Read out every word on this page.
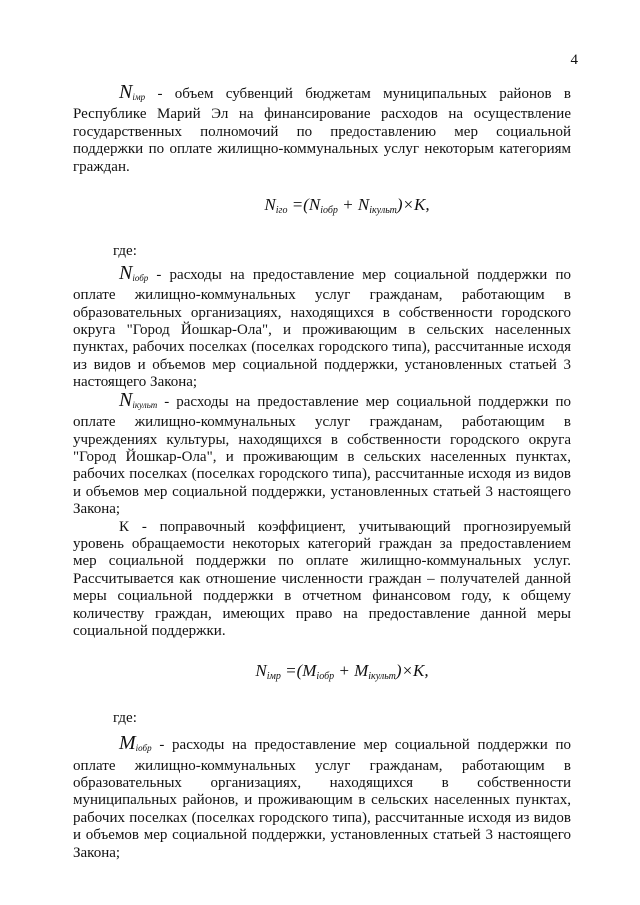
4

$N_{імр}$ - объем субвенций бюджетам муниципальных районов в Республике Марий Эл на финансирование расходов на осуществление государственных полномочий по предоставлению мер социальной поддержки по оплате жилищно-коммунальных услуг некоторым категориям граждан.

$N_{ігo} =(N_{iобр} + N_{iкульт})\times K$,

где:

$N_{iобр}$ - расходы на предоставление мер социальной поддержки по оплате жилищно-коммунальных услуг гражданам, работающим в образовательных организациях, находящихся в собственности городского округа "Город Йошкар-Ола", и проживающим в сельских населенных пунктах, рабочих поселках (поселках городского типа), рассчитанные исходя из видов и объемов мер социальной поддержки, установленных статьей 3 настоящего Закона;

$N_{iкульт}$ - расходы на предоставление мер социальной поддержки по оплате жилищно-коммунальных услуг гражданам, работающим в учреждениях культуры, находящихся в собственности городского округа "Город Йошкар-Ола", и проживающим в сельских населенных пунктах, рабочих поселках (поселках городского типа), рассчитанные исходя из видов и объемов мер социальной поддержки, установленных статьей 3 настоящего Закона;

К - поправочный коэффициент, учитывающий прогнозируемый уровень обращаемости некоторых категорий граждан за предоставлением мер социальной поддержки по оплате жилищно-коммунальных услуг. Рассчитывается как отношение численности граждан – получателей данной меры социальной поддержки в отчетном финансовом году, к общему количеству граждан, имеющих право на предоставление данной меры социальной поддержки.

$N_{імр} =(M_{iобр} + M_{iкульт})\times K$,

где:

$M_{iобр}$ - расходы на предоставление мер социальной поддержки по оплате жилищно-коммунальных услуг гражданам, работающим в образовательных организациях, находящихся в собственности муниципальных районов, и проживающим в сельских населенных пунктах, рабочих поселках (поселках городского типа), рассчитанные исходя из видов и объемов мер социальной поддержки, установленных статьей 3 настоящего Закона;
